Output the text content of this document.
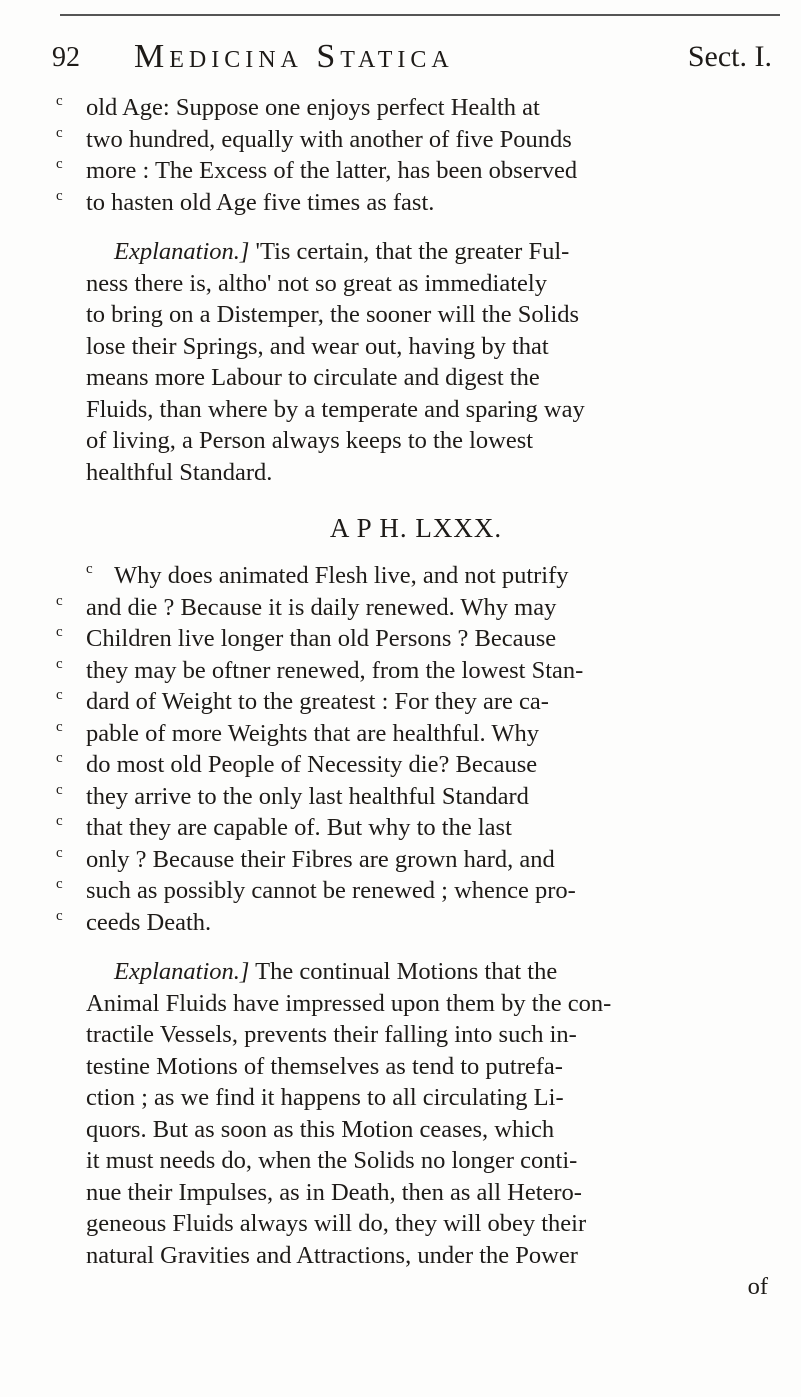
92 Medicina Statica	Sect. I.
c old Age: Suppose one enjoys perfect Health at
c two hundred, equally with another of five Pounds
c more : The Excess of the latter, has been observed
c to hasten old Age five times as fast.
Explanation.] 'Tis certain, that the greater Ful-
ness there is, altho' not so great as immediately
to bring on a Distemper, the sooner will the Solids
lose their Springs, and wear out, having by that
means more Labour to circulate and digest the
Fluids, than where by a temperate and sparing way
of living, a Person always keeps to the lowest
healthful Standard.
A P H. LXXX.
c Why does animated Flesh live, and not putrify
c and die ? Because it is daily renewed. Why may
c Children live longer than old Persons ? Because
c they may be oftner renewed, from the lowest Stan-
c dard of Weight to the greatest : For they are ca-
c pable of more Weights that are healthful. Why
c do most old People of Necessity die? Because
c they arrive to the only last healthful Standard
c that they are capable of. But why to the last
c only ? Because their Fibres are grown hard, and
c such as possibly cannot be renewed ; whence pro-
c ceeds Death.
Explanation.] The continual Motions that the
Animal Fluids have impressed upon them by the con-
tractile Vessels, prevents their falling into such in-
testine Motions of themselves as tend to putrefa-
ction ; as we find it happens to all circulating Li-
quors. But as soon as this Motion ceases, which
it must needs do, when the Solids no longer conti-
nue their Impulses, as in Death, then as all Hetero-
geneous Fluids always will do, they will obey their
natural Gravities and Attractions, under the Power
of
